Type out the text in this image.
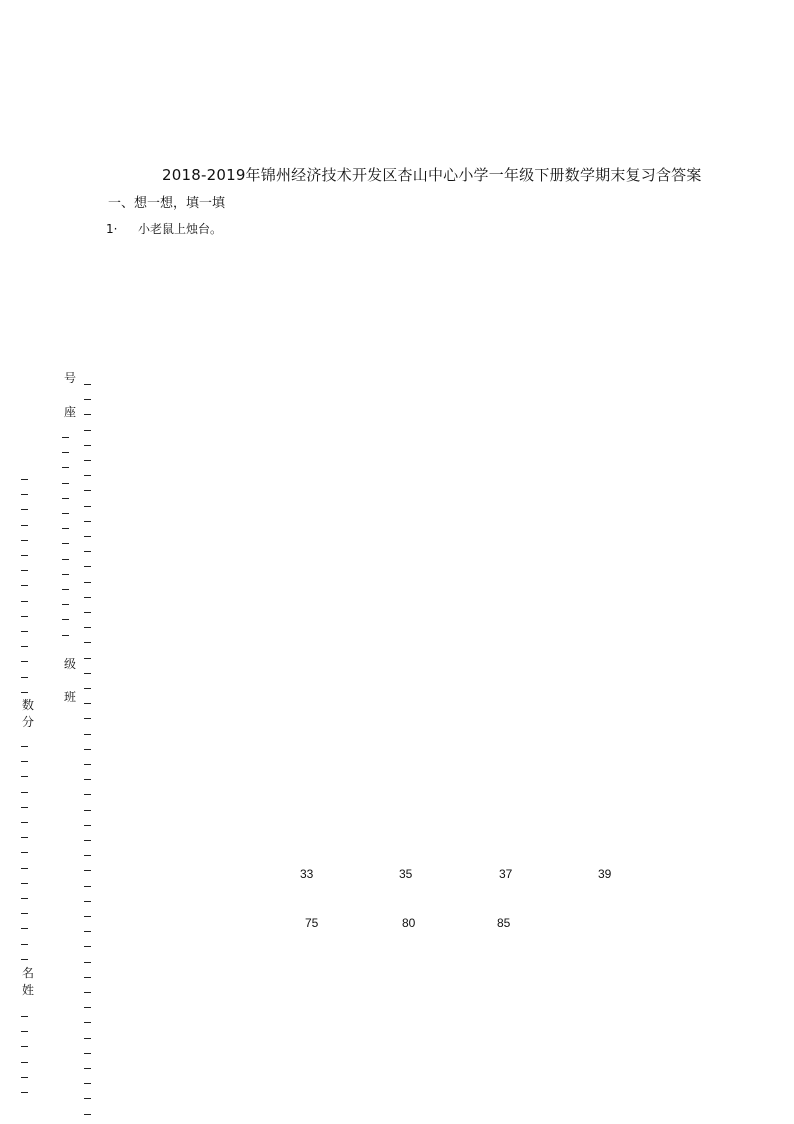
2018-2019年锦州经济技术开发区杏山中心小学一年级下册数学期末复习含答案
一、想一想，填一填
1· 小老鼠上烛台。
号
座
级
班
数
分
名
姓
33	35	37	39
75	80	85
